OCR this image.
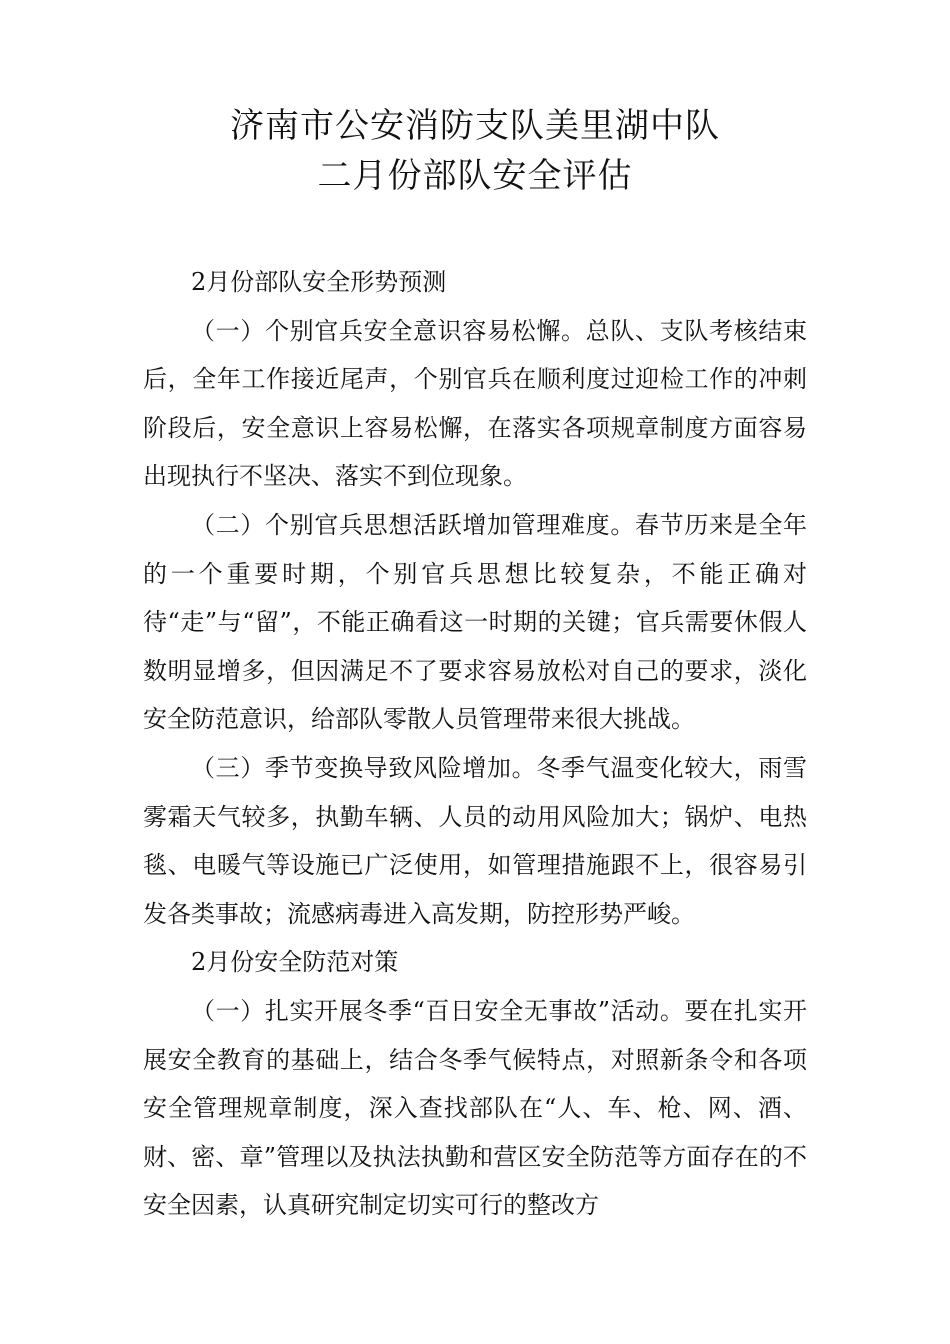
济南市公安消防支队美里湖中队
二月份部队安全评估

2月份部队安全形势预测

（一）个别官兵安全意识容易松懈。总队、支队考核结束后，全年工作接近尾声，个别官兵在顺利度过迎检工作的冲刺阶段后，安全意识上容易松懈，在落实各项规章制度方面容易出现执行不坚决、落实不到位现象。

（二）个别官兵思想活跃增加管理难度。春节历来是全年的一个重要时期，个别官兵思想比较复杂，不能正确对待“走”与“留”，不能正确看这一时期的关键；官兵需要休假人数明显增多，但因满足不了要求容易放松对自己的要求，淡化安全防范意识，给部队零散人员管理带来很大挑战。

（三）季节变换导致风险增加。冬季气温变化较大，雨雪雾霜天气较多，执勤车辆、人员的动用风险加大；锅炉、电热毯、电暖气等设施已广泛使用，如管理措施跟不上，很容易引发各类事故；流感病毒进入高发期，防控形势严峻。

2月份安全防范对策

（一）扎实开展冬季“百日安全无事故”活动。要在扎实开展安全教育的基础上，结合冬季气候特点，对照新条令和各项安全管理规章制度，深入查找部队在“人、车、枪、网、酒、财、密、章”管理以及执法执勤和营区安全防范等方面存在的不安全因素，认真研究制定切实可行的整改方
